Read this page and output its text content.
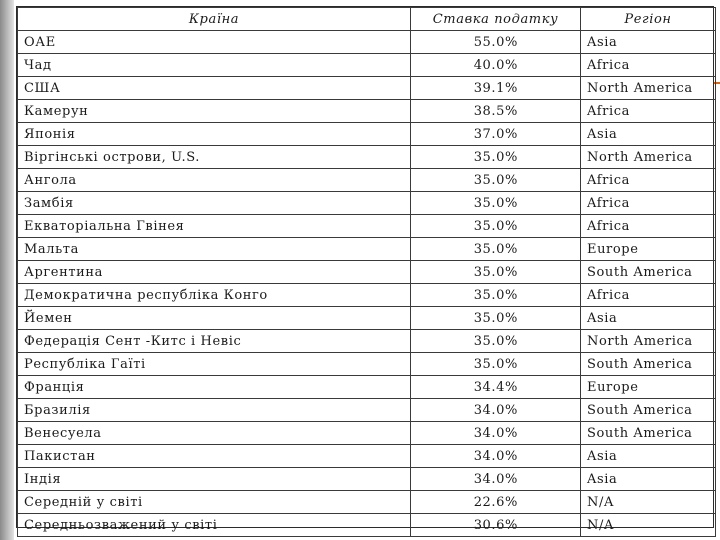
Країна	Ставка податку	Регіон
ОАЕ	55.0%	Asia
Чад	40.0%	Africa
США	39.1%	North America
Камерун	38.5%	Africa
Японія	37.0%	Asia
Віргінські острови, U.S.	35.0%	North America
Ангола	35.0%	Africa
Замбія	35.0%	Africa
Екваторіальна Гвінея	35.0%	Africa
Мальта	35.0%	Europe
Аргентина	35.0%	South America
Демократична республіка Конго	35.0%	Africa
Йемен	35.0%	Asia
Федерація Сент -Китс і Невіс	35.0%	North America
Республіка Гаїті	35.0%	South America
Франція	34.4%	Europe
Бразилія	34.0%	South America
Венесуела	34.0%	South America
Пакистан	34.0%	Asia
Індія	34.0%	Asia
Середній у світі	22.6%	N/A
Середньозважений у світі	30.6%	N/A
